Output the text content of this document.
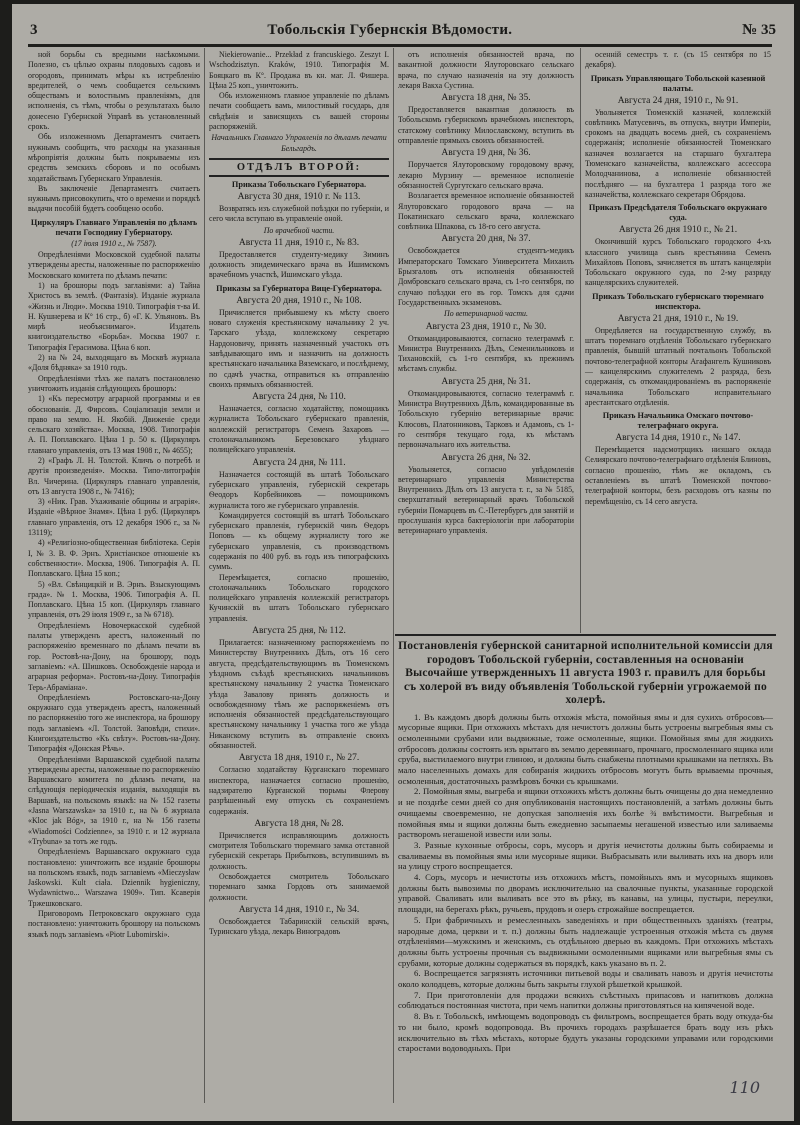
3	Тобольскія Губернскія Вѣдомости.	№ 35

ной борьбы съ вредными насѣкомыми. Полезно, съ цѣлью охраны плодовыхъ садовъ и огородовъ, принимать мѣры къ истребленію вредителей, о чемъ сообщается сельскимъ обществамъ и волостнымъ правленіямъ, для исполненія, съ тѣмъ, чтобы о результатахъ было донесено Губернской Управѣ въ установленный срокъ.

Обь изложенномъ Департаментъ считаетъ нужнымъ сообщить, что расходы на указанныя мѣропріятія должны быть покрываемы изъ средствъ земскихъ сборовъ и по особымъ ходатайствамъ Губернскаго Управленія.

Въ заключеніе Департаментъ считаетъ нужнымъ присовокупить, что о времени и порядкѣ выдачи пособій будетъ сообщено особо.

Циркуляръ Главнаго Управленія по дѣламъ печати Господину Губернатору.
(17 іюля 1910 г., № 7587).

Опредѣленіями Московской судебной палаты утверждены аресты, наложенные по распоряженію Московскаго комитета по дѣламъ печати:

1) на брошюры подъ заглавіями: а) Тайна Христосъ въ землѣ. (Фантазія). Изданіе журнала «Жизнь и Люди». Москва 1910. Типографія т-ва И. Н. Кушнерева и К° 16 стр., б) «Г. К. Ульяновъ. Въ мирѣ необъяснимаго». Издатель книгоиздательство «Борьба». Москва 1907 г. Типографія Герасимова. Цѣна 6 коп.

2) на № 24, выходящаго въ Москвѣ журнала «Доля бѣдняка» за 1910 годъ.

Опредѣленіями тѣхъ же палатъ постановлено уничтожить изданія слѣдующихъ брошюръ:

1) «Къ пересмотру аграрной программы и ея обоснованія. Д. Фирсовъ. Соціализація земли и право на землю. Н. Якобій. Движеніе среди сельскаго хозяйства». Москва, 1908. Типографія А. П. Поплавскаго. Цѣна 1 р. 50 к. (Циркуляръ главнаго управленія, отъ 13 мая 1908 г., № 4655);

2) «Графъ Л. Н. Толстой. Кличъ о потребѣ и другія произведенія». Москва. Типо-литографія Вл. Чичерина. (Циркуляръ главнаго управленія, отъ 13 августа 1908 г., № 7416);

3) «Ник. Грав. Ухаживаніе общины и аграрія». Изданіе «Вѣрное Знамя». Цѣна 1 руб. (Циркуляръ главнаго управленія, отъ 12 декабря 1906 г., за № 13119);

4) «Религіозно-общественная библіотека. Серія I, № 3. В. Ф. Эрнъ. Христіанское отношеніе къ собственности». Москва, 1906. Типографія А. П. Поплавскаго. Цѣна 15 коп.;

5) «Вл. Свѣнцицкій и В. Эрнъ. Взыскующимъ града». № 1. Москва, 1906. Типографія А. П. Поплавскаго. Цѣна 15 коп. (Циркуляръ главнаго управленія, отъ 29 іюля 1909 г., за № 6718).

Опредѣленіемъ Новочеркасской судебной палаты утвержденъ арестъ, наложенный по распоряженію временнаго по дѣламъ печати въ гор. Ростовѣ-на-Дону, на брошюру, подъ заглавіемъ: «А. Шишковъ. Освобожденіе народа и аграрная реформа». Ростовъ-на-Дону. Типографія Терь-Абраміана».

Опредѣленіемъ Ростовскаго-на-Дону окружнаго суда утвержденъ арестъ, наложенный по распоряженію того же инспектора, на брошюру подъ заглавіемъ «Л. Толстой. Заповѣди, стихи». Книгоиздательство «Къ свѣту». Ростовъ-на-Дону. Типографія «Донская Рѣчь».

Опредѣленіями Варшавской судебной палаты утверждены аресты, наложенные по распоряженію Варшавскаго комитета по дѣламъ печати, на слѣдующія періодическія изданія, выходящія въ Варшавѣ, на польскомъ языкѣ: на № 152 газеты «Jasna Warszawska» за 1910 г., на № 6 журнала «Kloc jak Bóg», за 1910 г., на № 156 газеты «Wiadomości Codzienne», за 1910 г. и 12 журнала «Trybuna» за тотъ же годъ.

Опредѣленіемъ Варшавскаго окружнаго суда постановлено: уничтожить все изданіе брошюры на польскомъ языкѣ, подъ заглавіемъ «Mieczysław Jaśkowski. Kult ciała. Dziennik hygieniczny, Wydawnictwo... Warszawa 1909». Тип. Ксаверія Тржешковскаго.

Приговоромъ Петроковскаго окружнаго суда постановлено: уничтожить брошюру на польскомъ языкѣ подъ заглавіемъ «Piotr Lubomirski».

Niekierowanie... Przekład z francuskiego. Zeszyt I. Wschodzisztyn. Kraków, 1910. Типографія М. Бояцкаго въ К°. Продажа въ кн. маг. Л. Фишера. Цѣна 25 коп., уничтожить.

Обь изложенномъ главное управленіе по дѣламъ печати сообщаетъ вамъ, милостивый государь, для свѣдѣнія и зависящихъ съ вашей стороны распоряженій.

Начальникъ Главнаго Управленія по дѣламъ печати Бельгардъ.
ОТДѢЛЪ ВТОРОЙ:
Приказы Тобольскаго Губернатора.
Августа 30 дня, 1910 г. № 113.

Возвратясь изъ служебной поѣздки по губерніи, и сего числа вступаю въ управленіе оной.

По врачебной части.
Августа 11 дня, 1910 г., № 83.

Предоставляется студенту-медику Зиминъ должность эпидемическаго врача въ Ишимскомъ врачебномъ участкѣ, Ишимскаго уѣзда.

Приказы за Губернатора Вице-Губернатора.
Августа 20 дня, 1910 г., № 108.

Причисляется прибывшему къ мѣсту своего новаго служенія крестьянскому начальнику 2 уч. Тарскаго уѣзда, коллежскому секретарю Нардоновичу, принять назначенный участокъ отъ завѣдывающаго имъ и назначить на должность крестьянскаго начальника Вяземскаго, и послѣднему, по сдачѣ участка, отправиться къ отправленію своихъ прямыхъ обязанностей.

Августа 24 дня, № 110.

Назначается, согласно ходатайству, помощникъ журналиста Тобольскаго губернскаго правленія, коллежскій регистраторъ Семенъ Захаровъ — столоначальникомъ Березовскаго уѣзднаго полицейскаго управленія.

Августа 24 дня, № 111.

Назначается состоящій въ штатѣ Тобольскаго губернскаго управленія, губернскій секретарь Ѳеодоръ Корбейниковъ — помощникомъ журналиста того же губернскаго управленія.

Командируется состоящій въ штатѣ Тобольскаго губернскаго правленія, губернскій чинъ Ѳедоръ Поповъ — къ общему журналисту того же губернскаго управленія, съ производствомъ содержанія по 400 руб. въ годъ изъ типографскихъ суммъ.

Перемѣщается, согласно прошенію, столоначальникъ Тобольскаго городского полицейскаго управленія коллежскій регистраторъ Кучинскій въ штатъ Тобольскаго губернскаго управленія.

Августа 25 дня, № 112.

Прилагается: назначенному распоряженіемъ по Министерству Внутреннихъ Дѣлъ, отъ 16 сего августа, предсѣдательствующимъ въ Тюменскомъ уѣздномъ съѣздѣ крестьянскихъ начальниковъ крестьянскому начальнику 2 участка Тюменскаго уѣзда Завалову принять должность и освобожденному тѣмъ же распоряженіемъ отъ исполненія обязанностей предсѣдательствующаго крестьянскому начальнику 1 участка того же уѣзда Никанскому вступить въ отправленіе своихъ обязанностей.

Августа 18 дня, 1910 г., № 27.

Согласно ходатайству Курганскаго тюремнаго инспектора, назначается согласно прошенію, надзирателю Курганской тюрьмы Флерову разрѣшенный ему отпускъ съ сохраненіемъ содержанія.

Августа 18 дня, № 28.

Причисляется исправляющимъ должность смотрителя Тобольскаго тюремнаго замка отставной губернскій секретарь Прибытковъ, вступившимъ въ должность.

Освобождается смотритель Тобольскаго тюремнаго замка Гордовъ отъ занимаемой должности.

Августа 14 дня, 1910 г., № 34.

Освобождается Табаринскій сельскій врачъ, Туринскаго уѣзда, лекарь Виноградовъ

отъ исполненія обязанностей врача, по вакантной должности Ялуторовскаго сельскаго врача, по случаю назначенія на эту должность лекаря Вакха Сустина.

Августа 18 дня, № 35.

Предоставляется вакантная должность въ Тобольскомъ губернскомъ врачебномъ инспекторъ, статскому совѣтнику Милославскому, вступить въ отправленіе прямыхъ своихъ обязанностей.

Августа 19 дня, № 36.

Поручается Ялуторовскому городовому врачу, лекарю Мурзину — временное исполненіе обязанностей Сургутскаго сельскаго врача.

Возлагается временное исполненіе обязанностей Ялуторовскаго городового врача — на Покатинскаго сельскаго врача, коллежскаго совѣтника Шпакова, съ 18-го сего августа.

Августа 20 дня, № 37.

Освобождается студентъ-медикъ Императорскаго Томскаго Университета Михаилъ Брызгаловъ отъ исполненія обязанностей Домбровскаго сельскаго врача, съ 1-го сентября, по случаю поѣздки его въ гор. Томскъ для сдачи Государственныхъ экзаменовъ.

По ветеринарной части.
Августа 23 дня, 1910 г., № 30.

Откомандировываются, согласно телеграммѣ г. Министра Внутреннихъ Дѣлъ, Семенильниковъ и Тихановскій, съ 1-го сентября, къ прежнимъ мѣстамъ службы.

Августа 25 дня, № 31.

Откомандировываются, согласно телеграммѣ г. Министра Внутреннихъ Дѣлъ, командированные въ Тобольскую губернію ветеринарные врачи: Клюсовъ, Платонниковъ, Тарковъ и Адамовъ, съ 1-го сентября текущаго года, къ мѣстамъ первоначальнаго ихъ жительства.

Августа 26 дня, № 32.

Увольняется, согласно увѣдомленія ветеринарнаго управленія Министерства Внутреннихъ Дѣлъ отъ 13 августа т. г., за № 5185, сверхштатный ветеринарный врачъ Тобольской губерніи Помарцевъ въ С.-Петербургъ для занятій и прослушанія курса бактеріологіи при лабораторіи ветеринарнаго управленія.

осенній семестръ т. г. (съ 15 сентября по 15 декабря).

Приказъ Управляющаго Тобольской казенной палаты.
Августа 24 дня, 1910 г., № 91.

Увольняется Тюменскій казначей, коллежскій совѣтникъ Матусевичъ, въ отпускъ, внутри Имперіи, срокомъ на двадцать восемь дней, съ сохраненіемъ содержанія; исполненіе обязанностей Тюменскаго казначея возлагается на старшаго бухгалтера Тюменскаго казначейства, коллежскаго ассессора Молодчанинова, а исполненіе обязанностей послѣдняго — на бухгалтера 1 разряда того же казначейства, коллежскаго секретаря Обрядова.

Приказъ Предсѣдателя Тобольскаго окружнаго суда.
Августа 26 дня 1910 г., № 21.

Окончившій курсъ Тобольскаго городского 4-хъ классного училища сынъ крестьянина Семенъ Михайловъ Поповъ, зачисляется въ штатъ канцеляріи Тобольскаго окружного суда, по 2-му разряду канцелярскихъ служителей.

Приказъ Тобольскаго губернскаго тюремнаго инспектора.
Августа 21 дня, 1910 г., № 19.

Опредѣляется на государственную службу, въ штатъ тюремнаго отдѣленія Тобольскаго губернскаго правленія, бывшій штатный почтальонъ Тобольской почтово-телеграфной конторы Агафангелъ Кушниковъ — канцелярскимъ служителемъ 2 разряда, безъ содержанія, съ откомандированіемъ въ распоряженіе начальника Тобольскаго исправительнаго арестантскаго отдѣленія.

Приказъ Начальника Омскаго почтово-телеграфнаго округа.
Августа 14 дня, 1910 г., № 147.

Перемѣщается надсмотрщикъ низшаго оклада Селиярскаго почтово-телеграфнаго отдѣленія Блиновъ, согласно прошенію, тѣмъ же окладомъ, съ оставленіемъ въ штатѣ Тюменской почтово-телеграфной конторы, безъ расходовъ отъ казны по перемѣщенію, съ 14 сего августа.

Постановленія губернской санитарной исполнительной комиссіи для городовъ Тобольской губерніи, составленныя на основаніи Высочайше утвержденныхъ 11 августа 1903 г. правилъ для борьбы съ холерой въ виду объявленія Тобольской губерніи угрожаемой по холерѣ.

1. Въ каждомъ дворѣ должны быть отхожія мѣста, помойныя ямы и для сухихъ отбросовъ—мусорные ящики. При отхожихъ мѣстахъ для нечистотъ должны быть устроены выгребныя ямы съ осмоленными срубами или выдвижные, тоже осмоленные, ящики. Помойныя ямы для жидкихъ отбросовъ должны состоять изъ врытаго въ землю деревяннаго, прочнаго, просмоленнаго ящика или сруба, выстилаемого внутри глиною, и должны быть снабжены плотными крышками на петляхъ. Въ мало населенныхъ домахъ для собиранія жидкихъ отбросовъ могутъ быть врываемы прочныя, осмоленныя, достаточныхъ размѣровъ бочки съ крышками.

2. Помойныя ямы, выгреба и ящики отхожихъ мѣстъ должны быть очищены до дна немедленно и не позднѣе семи дней со дня опубликованія настоящихъ постановленій, а затѣмъ должны быть очищаемы своевременно, не допуская заполненія ихъ болѣе ¾ вмѣстимости. Выгребныя и помойныя ямы и ящики должны быть ежедневно засыпаемы негашеной известью или заливаемы растворомъ негашеной извести или золы.

3. Разные кухонные отбросы, соръ, мусоръ и другія нечистоты должны быть собираемы и сваливаемы въ помойныя ямы или мусорные ящики. Выбрасывать или выливать ихъ на дворъ или на улицу строго воспрещается.

4. Соръ, мусоръ и нечистоты изъ отхожихъ мѣстъ, помойныхъ ямъ и мусорныхъ ящиковъ должны быть вывозимы по дворамъ исключительно на свалочные пункты, указанные городской управой. Сваливать или выливать все это въ рѣку, въ канавы, на улицы, пустыри, переулки, площади, на берегахъ рѣкъ, ручьевъ, прудовъ и озеръ строжайше воспрещается.

5. При фабричныхъ и ремесленныхъ заведеніяхъ и при общественныхъ зданіяхъ (театры, народные дома, церкви и т. п.) должны быть надлежащіе устроенныя отхожія мѣста съ двумя отдѣленіями—мужскимъ и женскимъ, съ отдѣльною дверью въ каждомъ. При отхожихъ мѣстахъ должны быть устроены прочныя съ выдвижными осмоленными ящиками или выгребныя ямы съ срубами, которые должны содержаться въ порядкѣ, какъ указано въ п. 2.

6. Воспрещается загрязнять источники питьевой воды и сваливать навозъ и другія нечистоты около колодцевъ, которые должны быть закрыты глухой рѣшеткой крышкой.

7. При приготовленіи для продажи всякихъ съѣстныхъ припасовъ и напитковъ должна соблюдаться постоянная чистота, при чемъ напитки должны приготовляться на кипяченой воде.

8. Въ г. Тобольскѣ, имѣющемъ водопроводъ съ фильтромъ, воспрещается брать воду откуда-бы то ни было, кромѣ водопровода. Въ прочихъ городахъ разрѣшается брать воду изъ рѣкъ исключительно въ тѣхъ мѣстахъ, которые будутъ указаны городскими управами или городскими старостами водоводныхъ. При

110
